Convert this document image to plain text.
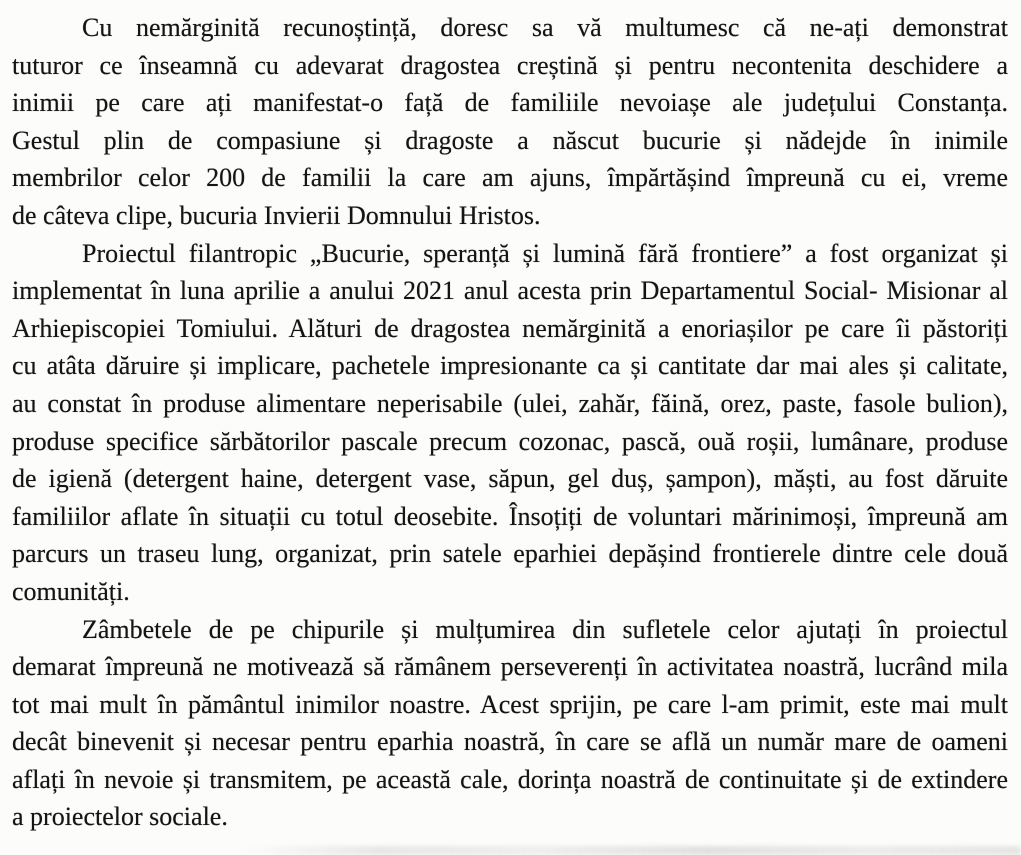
Cu nemărginită recunoștință, doresc sa vă multumesc că ne-ați demonstrat
tuturor ce înseamnă cu adevarat dragostea creștină și pentru necontenita deschidere a
inimii pe care ați manifestat-o față de familiile nevoiașe ale județului Constanța.
Gestul plin de compasiune și dragoste a născut bucurie și nădejde în inimile
membrilor celor 200 de familii la care am ajuns, împărtășind împreună cu ei, vreme
de câteva clipe, bucuria Invierii Domnului Hristos.

Proiectul filantropic „Bucurie, speranță și lumină fără frontiere” a fost organizat și
implementat în luna aprilie a anului 2021 anul acesta prin Departamentul Social- Misionar al
Arhiepiscopiei Tomiului. Alături de dragostea nemărginită a enoriașilor pe care îi păstoriți
cu atâta dăruire și implicare, pachetele impresionante ca și cantitate dar mai ales și calitate,
au constat în produse alimentare neperisabile (ulei, zahăr, făină, orez, paste, fasole bulion),
produse specifice sărbătorilor pascale precum cozonac, pască, ouă roșii, lumânare, produse
de igienă (detergent haine, detergent vase, săpun, gel duș, șampon), măști, au fost dăruite
familiilor aflate în situații cu totul deosebite. Însoțiți de voluntari mărinimoși, împreună am
parcurs un traseu lung, organizat, prin satele eparhiei depășind frontierele dintre cele două
comunități.

Zâmbetele de pe chipurile și mulțumirea din sufletele celor ajutați în proiectul
demarat împreună ne motivează să rămânem perseverenți în activitatea noastră, lucrând mila
tot mai mult în pământul inimilor noastre. Acest sprijin, pe care l-am primit, este mai mult
decât binevenit și necesar pentru eparhia noastră, în care se află un număr mare de oameni
aflați în nevoie și transmitem, pe această cale, dorința noastră de continuitate și de extindere
a proiectelor sociale.
